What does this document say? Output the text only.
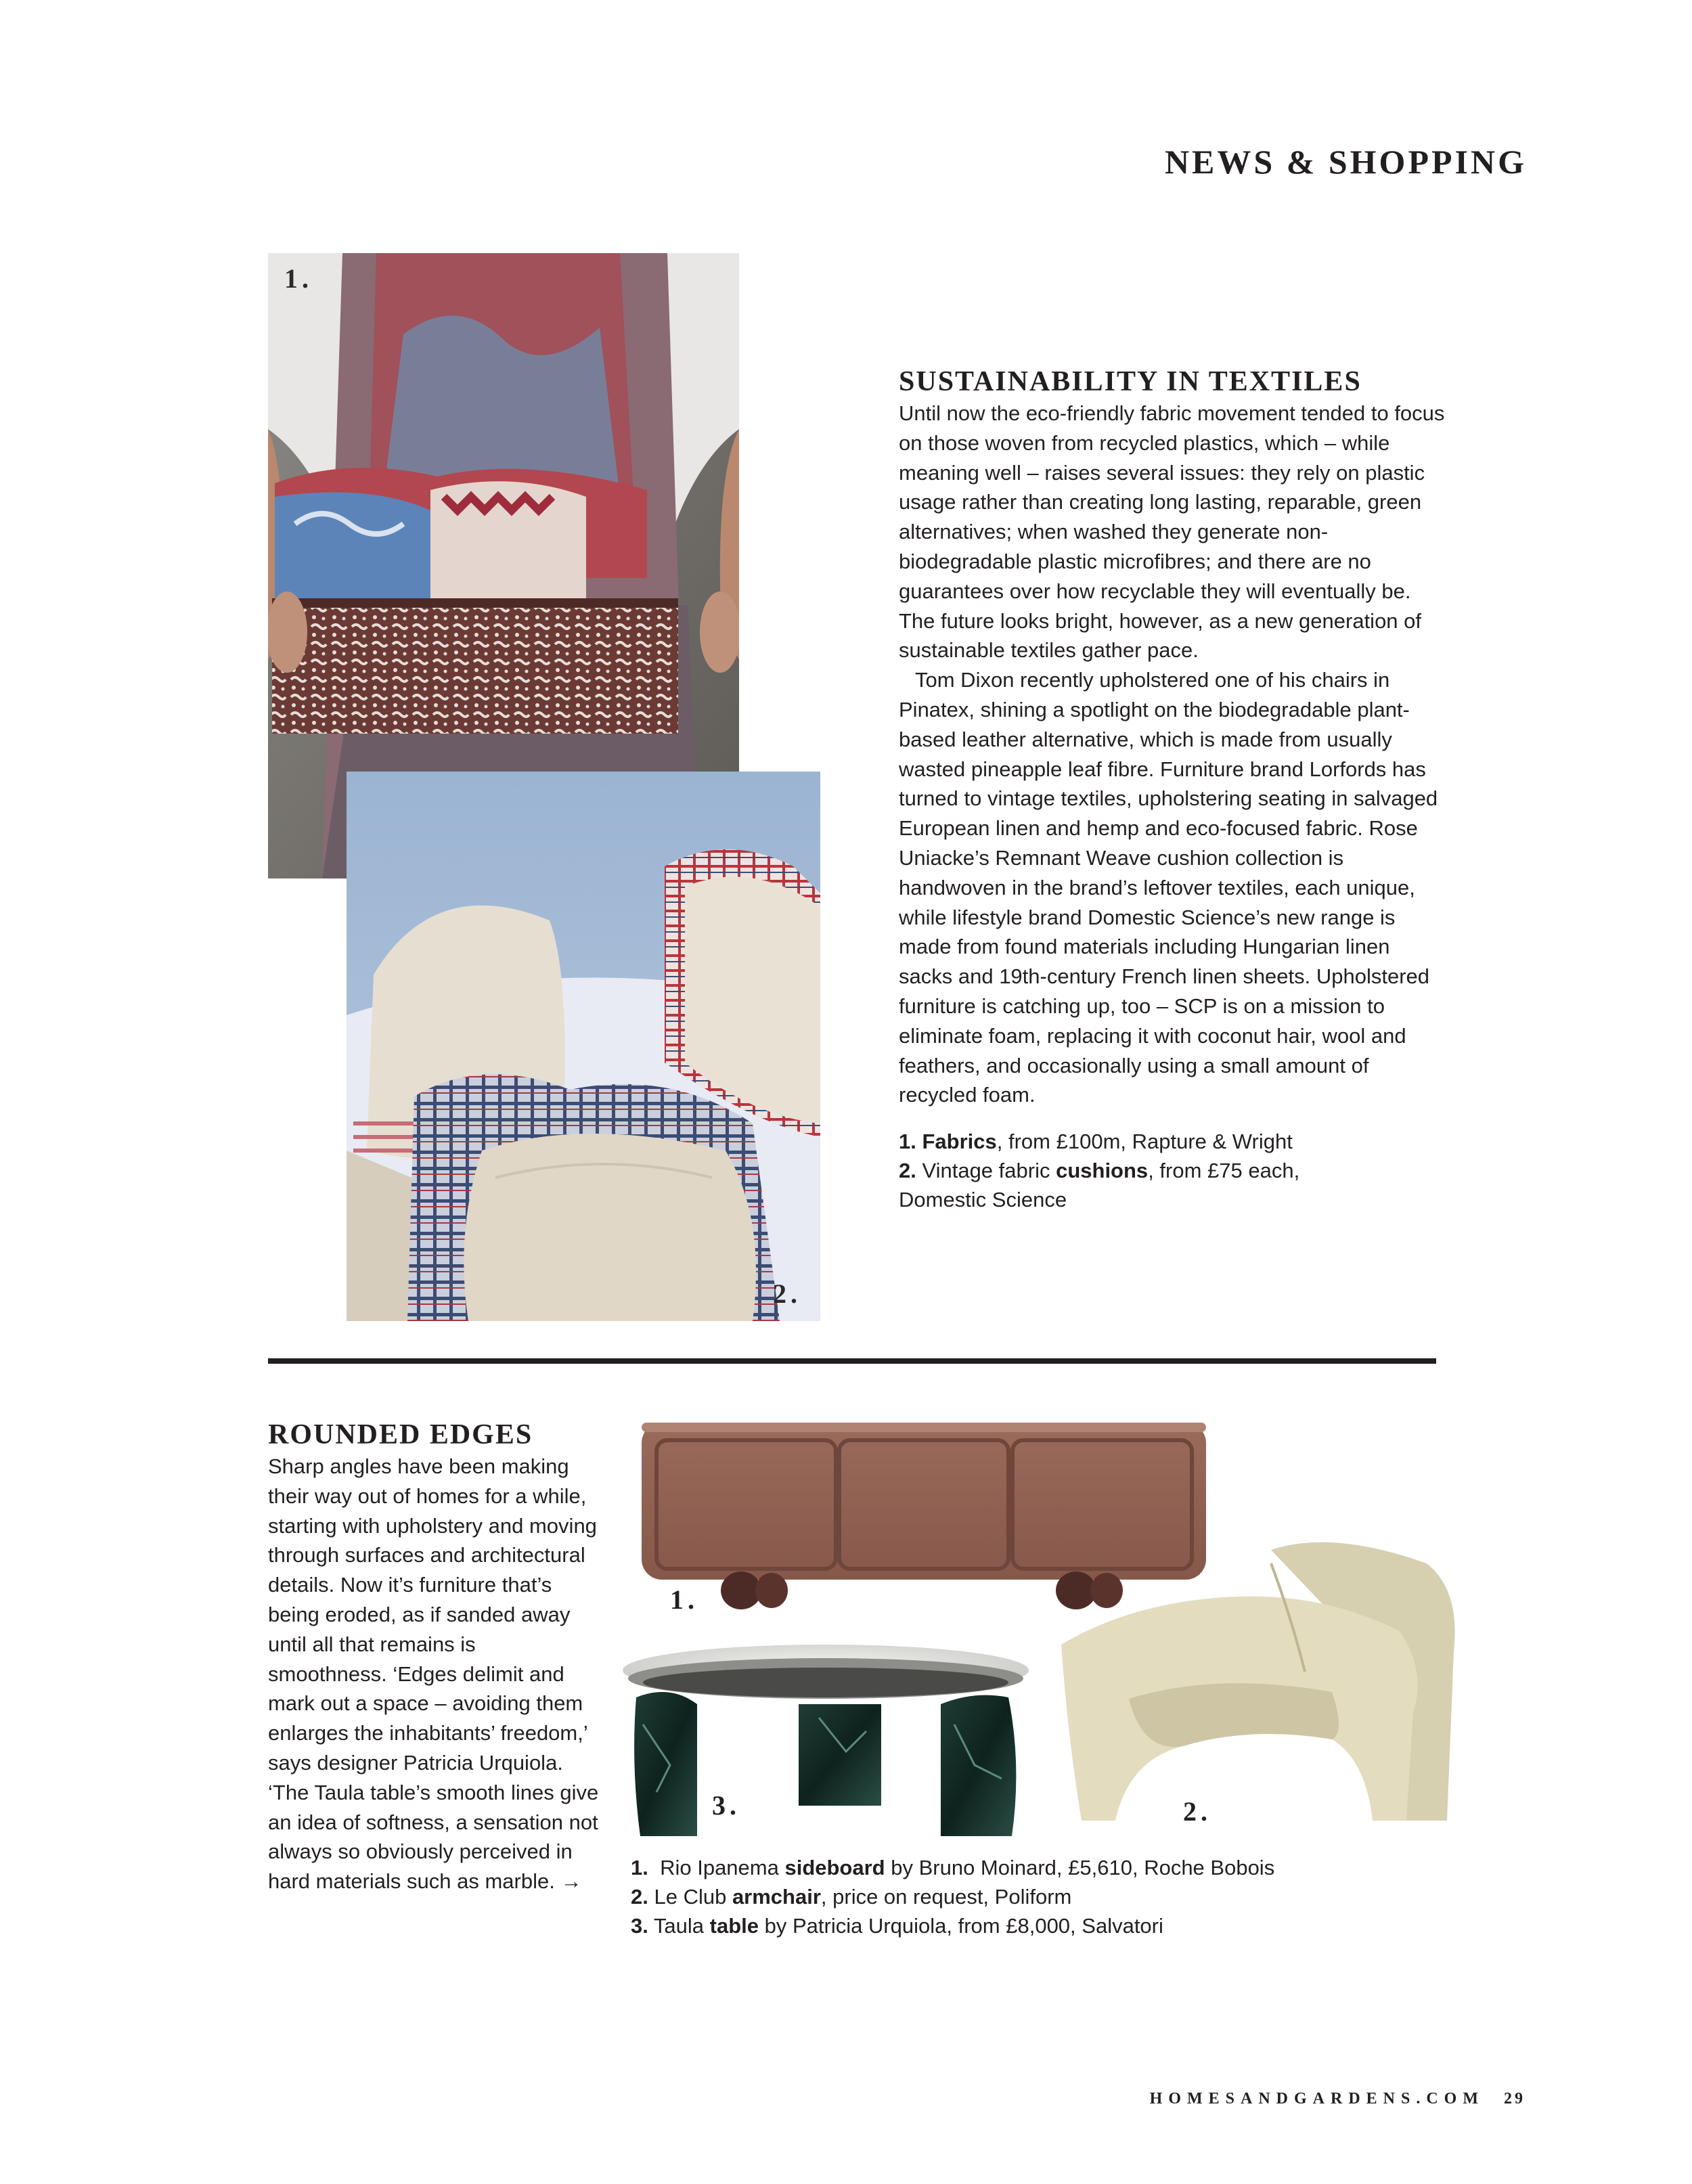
NEWS & SHOPPING
1.
2.
SUSTAINABILITY IN TEXTILES

Until now the eco-friendly fabric movement tended to focus on those woven from recycled plastics, which – while meaning well – raises several issues: they rely on plastic usage rather than creating long lasting, reparable, green alternatives; when washed they generate non-biodegradable plastic microfibres; and there are no guarantees over how recyclable they will eventually be. The future looks bright, however, as a new generation of sustainable textiles gather pace.

Tom Dixon recently upholstered one of his chairs in Pinatex, shining a spotlight on the biodegradable plant-based leather alternative, which is made from usually wasted pineapple leaf fibre. Furniture brand Lorfords has turned to vintage textiles, upholstering seating in salvaged European linen and hemp and eco-focused fabric. Rose Uniacke’s Remnant Weave cushion collection is handwoven in the brand’s leftover textiles, each unique, while lifestyle brand Domestic Science’s new range is made from found materials including Hungarian linen sacks and 19th-century French linen sheets. Upholstered furniture is catching up, too – SCP is on a mission to eliminate foam, replacing it with coconut hair, wool and feathers, and occasionally using a small amount of recycled foam.

1. Fabrics, from £100m, Rapture & Wright
2. Vintage fabric cushions, from £75 each, Domestic Science
ROUNDED EDGES
Sharp angles have been making their way out of homes for a while, starting with upholstery and moving through surfaces and architectural details. Now it’s furniture that’s being eroded, as if sanded away until all that remains is smoothness. ‘Edges delimit and mark out a space – avoiding them enlarges the inhabitants’ freedom,’ says designer Patricia Urquiola. ‘The Taula table’s smooth lines give an idea of softness, a sensation not always so obviously perceived in hard materials such as marble. →
1.
2.
3.
1.  Rio Ipanema sideboard by Bruno Moinard, £5,610, Roche Bobois
2. Le Club armchair, price on request, Poliform
3. Taula table by Patricia Urquiola, from £8,000, Salvatori
HOMESANDGARDENS.COM 29
